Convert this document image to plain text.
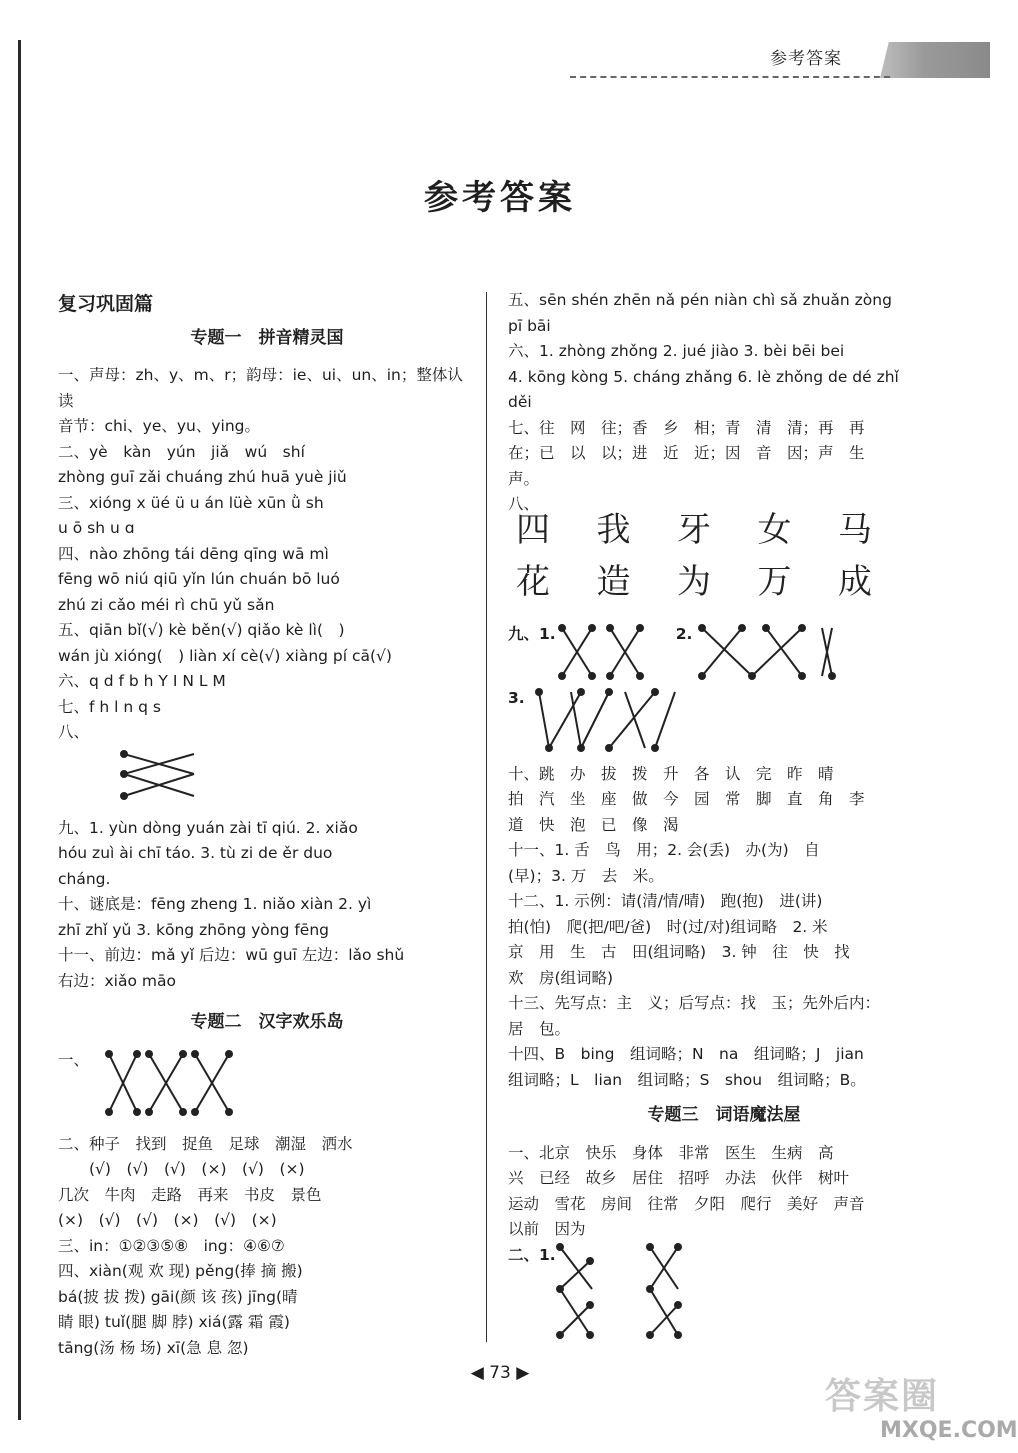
参考答案
参考答案
复习巩固篇
专题一　拼音精灵国

一、声母：zh、y、m、r；韵母：ie、ui、un、in；整体认读

音节：chi、ye、yu、ying。

二、yè　kàn　yún　jiǎ　wú　shí

zhòng guī zǎi chuáng zhú huā yuè jiǔ

三、xióng x üé ü u án lüè xūn ǜ sh

u ō sh u ɑ

四、nào zhōng tái dēng qīng wā mì

fēng wō niú qiū yǐn lún chuán bō luó

zhú zi cǎo méi rì chū yǔ sǎn

五、qiān bǐ(√) kè běn(√) qiǎo kè lì(　)

wán jù xióng(　) liàn xí cè(√) xiàng pí cā(√)

六、q d f b h Y I N L M

七、f h l n q s

八、

九、1. yùn dòng yuán zài tī qiú. 2. xiǎo

hóu zuì ài chī táo. 3. tù zi de ěr duo

cháng.

十、谜底是：fēng zheng 1. niǎo xiàn 2. yì

zhī zhǐ yǔ 3. kōng zhōng yòng fēng

十一、前边：mǎ yǐ 后边：wū guī 左边：lǎo shǔ

右边：xiǎo māo

专题二　汉字欢乐岛
一、

二、种子　找到　捉鱼　足球　潮湿　洒水

　　(√)　(√)　(√)　(×)　(√)　(×)

几次　牛肉　走路　再来　书皮　景色

(×)　(√)　(√)　(×)　(√)　(×)

三、in：①②③⑤⑧　ing：④⑥⑦

四、xiàn(观 欢 现) pěng(捧 摘 搬)

bá(披 拔 拨) gāi(颜 该 孩) jīng(晴

睛 眼) tuǐ(腿 脚 脖) xiá(露 霜 霞)

tāng(汤 杨 场) xī(急 息 忽)

五、sēn shén zhēn nǎ pén niàn chì sǎ zhuǎn zòng

pī bāi

六、1. zhòng zhǒng 2. jué jiào 3. bèi bēi bei

4. kōng kòng 5. cháng zhǎng 6. lè zhǒng de dé zhǐ

děi

七、往　网　往；香　乡　相；青　清　清；再　再

在；已　以　以；进　近　近；因　音　因；声　生

声。

八、

四 我 牙 女 马
花 造 为 万 成
九、1.	2.
3.

十、跳　办　拔　拨　升　各　认　完　昨　晴

拍　汽　坐　座　做　今　园　常　脚　直　角　李

道　快　泡　已　像　渴

十一、1. 舌　鸟　用；2. 会(丢)　办(为)　自

(早)；3. 万　去　米。

十二、1. 示例：请(清/情/晴)　跑(抱)　进(讲)

拍(怕)　爬(把/吧/爸)　时(过/对)组词略　2. 米

京　用　生　古　田(组词略)　3. 钟　往　快　找

欢　房(组词略)

十三、先写点：主　义；后写点：找　玉；先外后内：

居　包。

十四、B　bing　组词略；N　na　组词略；J　jian

组词略；L　lian　组词略；S　shou　组词略；B。

专题三　词语魔法屋

一、北京　快乐　身体　非常　医生　生病　高

兴　已经　故乡　居住　招呼　办法　伙伴　树叶

运动　雪花　房间　往常　夕阳　爬行　美好　声音

以前　因为

二、1.
◀ 73 ▶
答案圈
MXQE.COM
